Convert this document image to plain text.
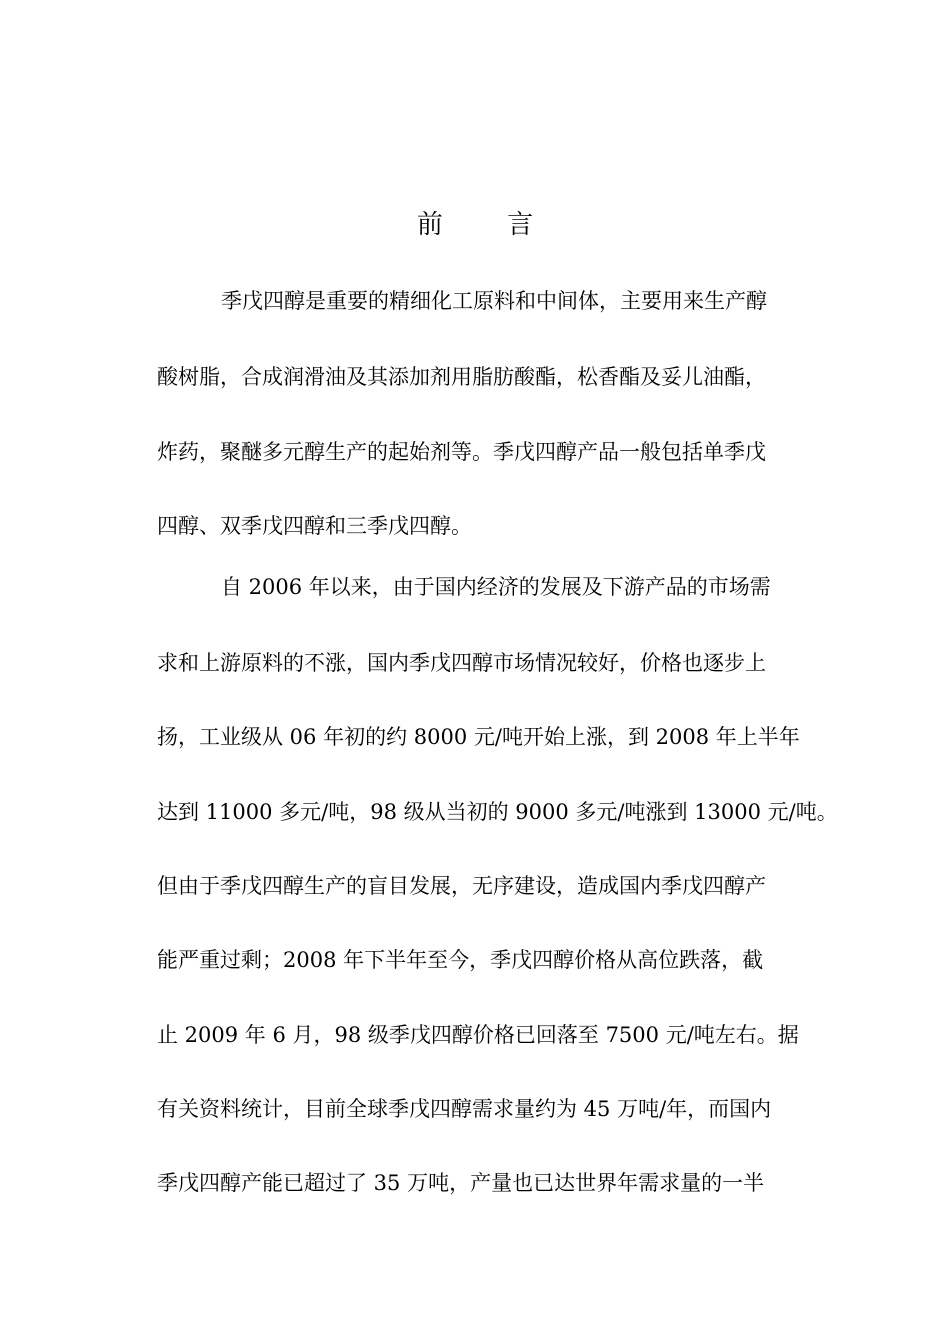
前 言
季戊四醇是重要的精细化工原料和中间体，主要用来生产醇
酸树脂，合成润滑油及其添加剂用脂肪酸酯，松香酯及妥儿油酯，
炸药，聚醚多元醇生产的起始剂等。季戊四醇产品一般包括单季戊
四醇、双季戊四醇和三季戊四醇。
自 2006 年以来，由于国内经济的发展及下游产品的市场需
求和上游原料的不涨，国内季戊四醇市场情况较好，价格也逐步上
扬，工业级从 06 年初的约 8000 元/吨开始上涨，到 2008 年上半年
达到 11000 多元/吨，98 级从当初的 9000 多元/吨涨到 13000 元/吨。
但由于季戊四醇生产的盲目发展，无序建设，造成国内季戊四醇产
能严重过剩；2008 年下半年至今，季戊四醇价格从高位跌落，截
止 2009 年 6 月，98 级季戊四醇价格已回落至 7500 元/吨左右。据
有关资料统计，目前全球季戊四醇需求量约为 45 万吨/年，而国内
季戊四醇产能已超过了 35 万吨，产量也已达世界年需求量的一半
